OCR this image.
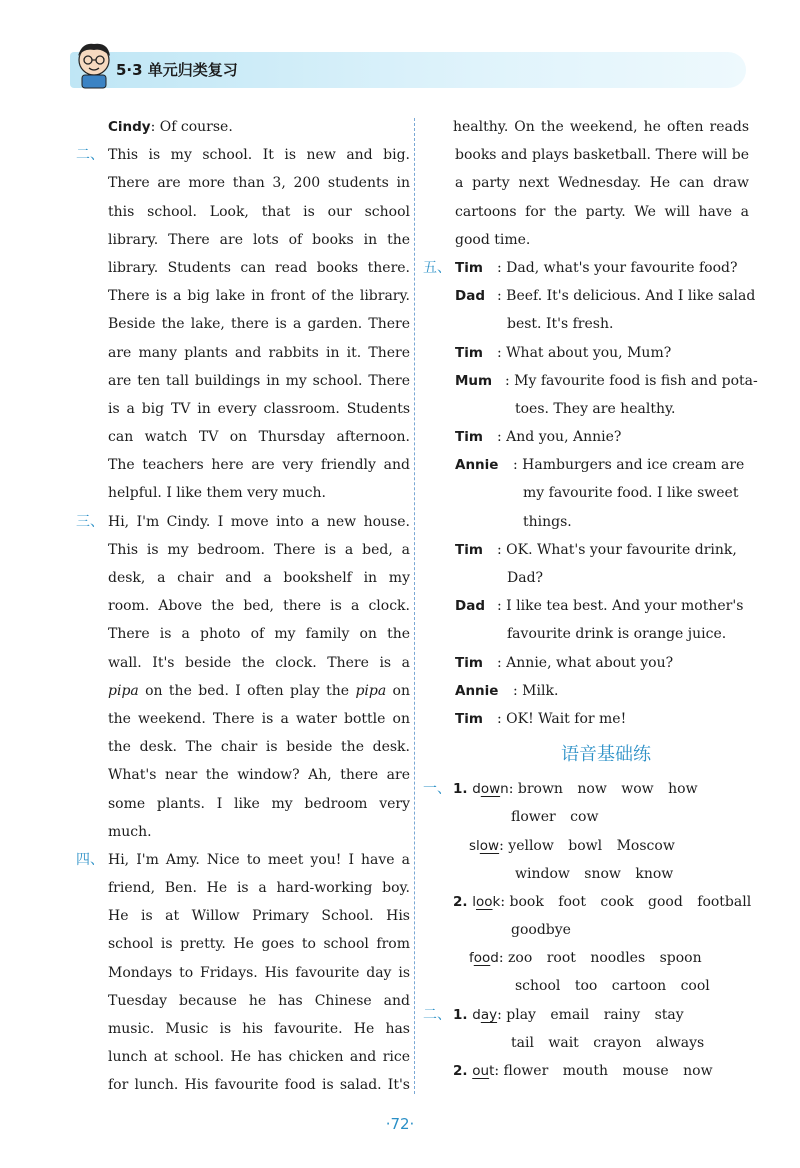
5·3 单元归类复习
Cindy: Of course.
二、 This is my school. It is new and big.
There are more than 3, 200 students in
this school. Look, that is our school
library. There are lots of books in the
library. Students can read books there.
There is a big lake in front of the library.
Beside the lake, there is a garden. There
are many plants and rabbits in it. There
are ten tall buildings in my school. There
is a big TV in every classroom. Students
can watch TV on Thursday afternoon.
The teachers here are very friendly and
helpful. I like them very much.
三、 Hi, I'm Cindy. I move into a new house.
This is my bedroom. There is a bed, a
desk, a chair and a bookshelf in my
room. Above the bed, there is a clock.
There is a photo of my family on the
wall. It's beside the clock. There is a
pipa on the bed. I often play the pipa on
the weekend. There is a water bottle on
the desk. The chair is beside the desk.
What's near the window? Ah, there are
some plants. I like my bedroom very
much.
四、 Hi, I'm Amy. Nice to meet you! I have a
friend, Ben. He is a hard-working boy.
He is at Willow Primary School. His
school is pretty. He goes to school from
Mondays to Fridays. His favourite day is
Tuesday because he has Chinese and
music. Music is his favourite. He has
lunch at school. He has chicken and rice
for lunch. His favourite food is salad. It's
healthy. On the weekend, he often reads
books and plays basketball. There will be
a party next Wednesday. He can draw
cartoons for the party. We will have a
good time.
五、 Tim : Dad, what's your favourite food?
Dad : Beef. It's delicious. And I like salad
best. It's fresh.
Tim : What about you, Mum?
Mum : My favourite food is fish and pota-
toes. They are healthy.
Tim : And you, Annie?
Annie : Hamburgers and ice cream are
my favourite food. I like sweet
things.
Tim : OK. What's your favourite drink,
Dad?
Dad : I like tea best. And your mother's
favourite drink is orange juice.
Tim : Annie, what about you?
Annie : Milk.
Tim : OK! Wait for me!
语音基础练
一、 1. down: brown now wow how
flower cow
slow: yellow bowl Moscow
window snow know
2. look: book foot cook good football
goodbye
food: zoo root noodles spoon
school too cartoon cool
二、 1. day: play email rainy stay
tail wait crayon always
2. out: flower mouth mouse now
·72·
